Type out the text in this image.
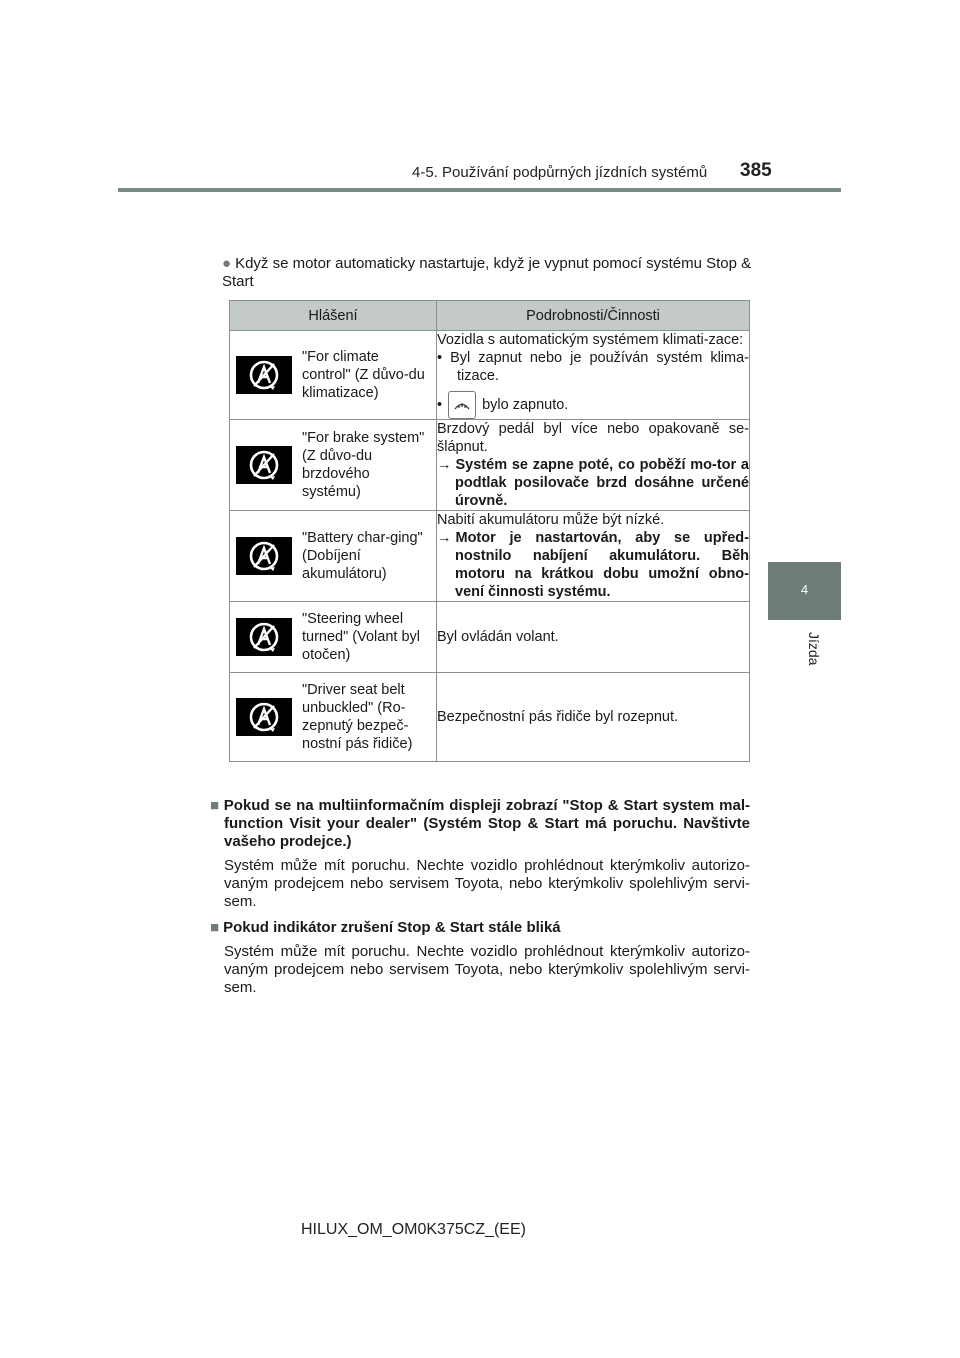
4-5. Používání podpůrných jízdních systémů 385
4
Jízda
● Když se motor automaticky nastartuje, když je vypnut pomocí systému Stop & Start
Hlášení	Podrobnosti/Činnosti

"For climate control" (Z důvo-du klimatizace)	Vozidla s automatickým systémem klimati-zace:
• Byl zapnut nebo je používán systém klima-tizace.
• bylo zapnuto.

"For brake system" (Z důvo-du brzdového systému)	Brzdový pedál byl více nebo opakovaně se-šlápnut.
→ Systém se zapne poté, co poběží mo-tor a podtlak posilovače brzd dosáhne určené úrovně.

"Battery char-ging" (Dobíjení akumulátoru)	Nabití akumulátoru může být nízké.
→ Motor je nastartován, aby se upřed-nostnilo nabíjení akumulátoru. Běh motoru na krátkou dobu umožní obno-vení činnosti systému.

"Steering wheel turned" (Volant byl otočen)	Byl ovládán volant.

"Driver seat belt unbuckled" (Ro-zepnutý bezpeč-nostní pás řidiče)	Bezpečnostní pás řidiče byl rozepnut.
■ Pokud se na multiinformačním displeji zobrazí "Stop & Start system mal-function Visit your dealer" (Systém Stop & Start má poruchu. Navštivte vašeho prodejce.)
Systém může mít poruchu. Nechte vozidlo prohlédnout kterýmkoliv autorizo-vaným prodejcem nebo servisem Toyota, nebo kterýmkoliv spolehlivým servi-sem.
■ Pokud indikátor zrušení Stop & Start stále bliká
Systém může mít poruchu. Nechte vozidlo prohlédnout kterýmkoliv autorizo-vaným prodejcem nebo servisem Toyota, nebo kterýmkoliv spolehlivým servi-sem.
HILUX_OM_OM0K375CZ_(EE)
